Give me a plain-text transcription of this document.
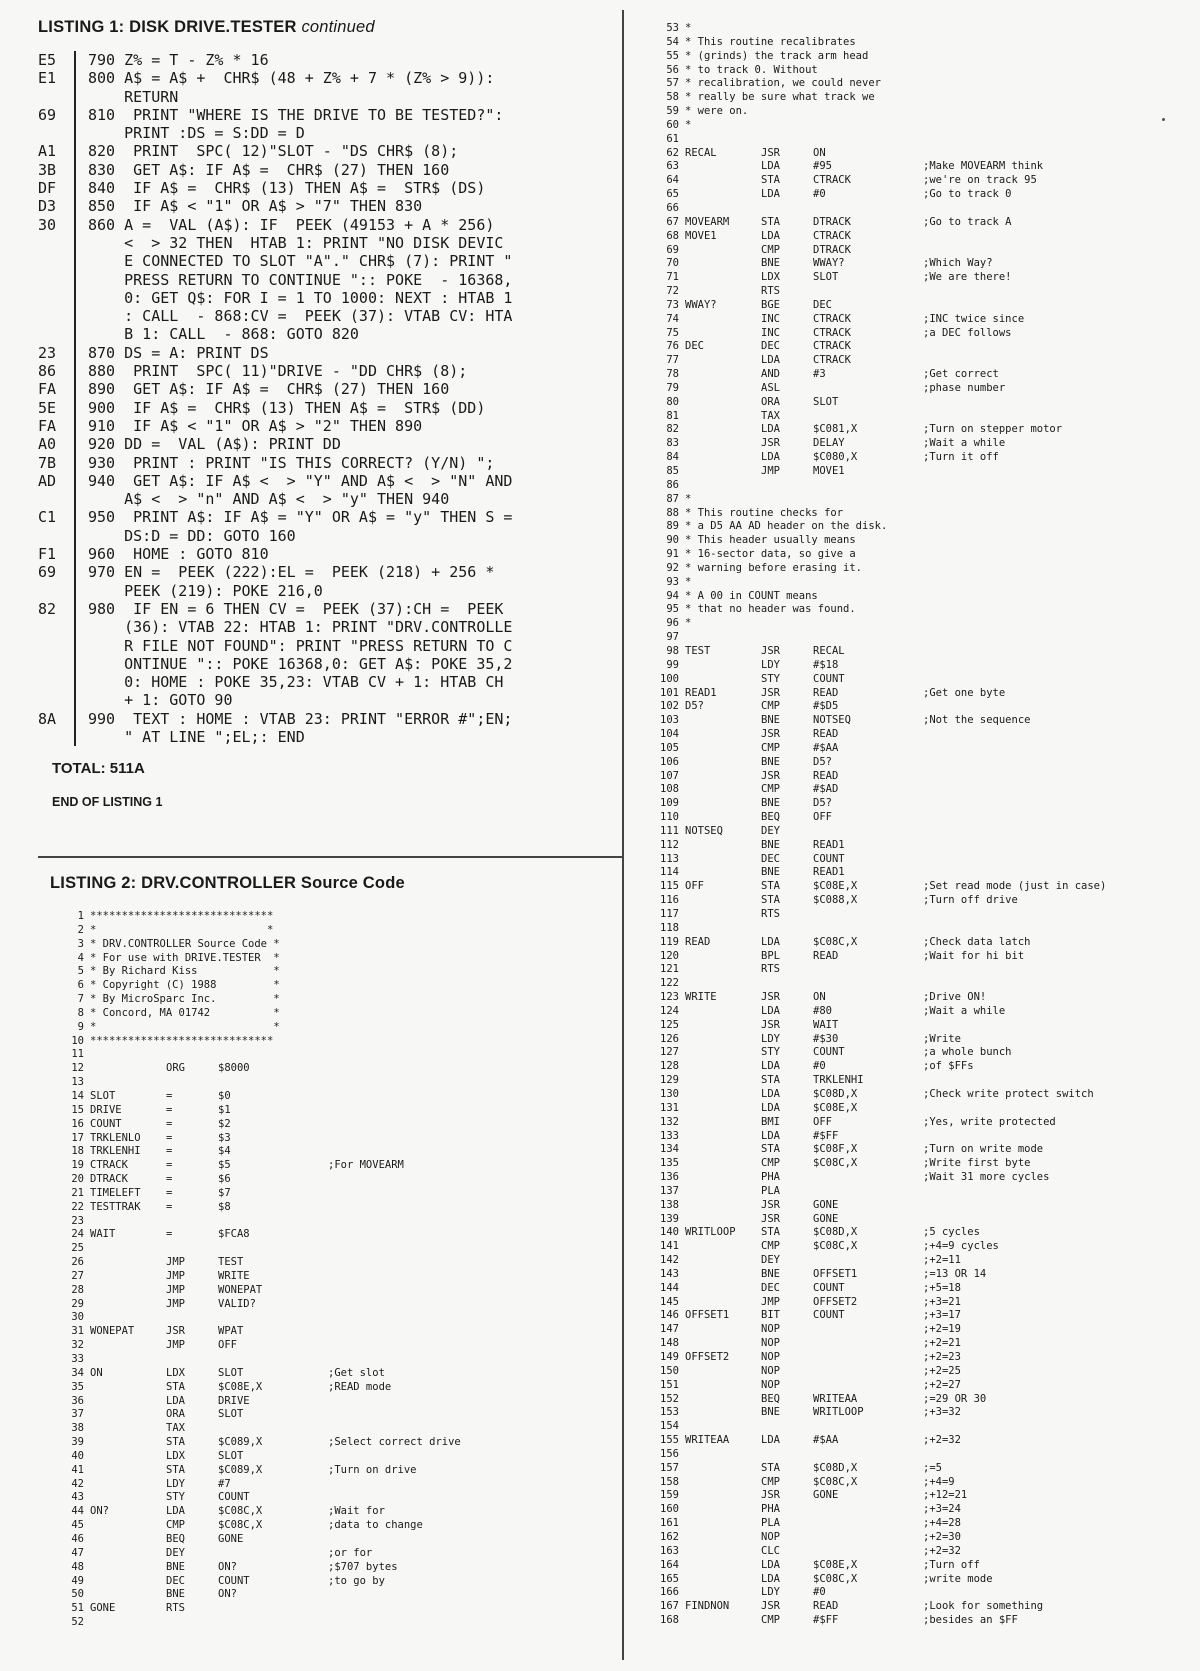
LISTING 1: DISK DRIVE.TESTER continued
E5	790 Z% = T - Z% * 16
E1	800 A$ = A$ +  CHR$ (48 + Z% + 7 * (Z% > 9)):
RETURN
69	810  PRINT "WHERE IS THE DRIVE TO BE TESTED?":
PRINT :DS = S:DD = D
A1	820  PRINT  SPC( 12)"SLOT - "DS CHR$ (8);
3B	830  GET A$: IF A$ =  CHR$ (27) THEN 160
DF	840  IF A$ =  CHR$ (13) THEN A$ =  STR$ (DS)
D3	850  IF A$ < "1" OR A$ > "7" THEN 830
30	860 A =  VAL (A$): IF  PEEK (49153 + A * 256)
<  > 32 THEN  HTAB 1: PRINT "NO DISK DEVIC
E CONNECTED TO SLOT "A"." CHR$ (7): PRINT "
PRESS RETURN TO CONTINUE ":: POKE  - 16368,
0: GET Q$: FOR I = 1 TO 1000: NEXT : HTAB 1
: CALL  - 868:CV =  PEEK (37): VTAB CV: HTA
B 1: CALL  - 868: GOTO 820
23	870 DS = A: PRINT DS
86	880  PRINT  SPC( 11)"DRIVE - "DD CHR$ (8);
FA	890  GET A$: IF A$ =  CHR$ (27) THEN 160
5E	900  IF A$ =  CHR$ (13) THEN A$ =  STR$ (DD)
FA	910  IF A$ < "1" OR A$ > "2" THEN 890
A0	920 DD =  VAL (A$): PRINT DD
7B	930  PRINT : PRINT "IS THIS CORRECT? (Y/N) ";
AD	940  GET A$: IF A$ <  > "Y" AND A$ <  > "N" AND
A$ <  > "n" AND A$ <  > "y" THEN 940
C1	950  PRINT A$: IF A$ = "Y" OR A$ = "y" THEN S =
DS:D = DD: GOTO 160
F1	960  HOME : GOTO 810
69	970 EN =  PEEK (222):EL =  PEEK (218) + 256 *
PEEK (219): POKE 216,0
82	980  IF EN = 6 THEN CV =  PEEK (37):CH =  PEEK
(36): VTAB 22: HTAB 1: PRINT "DRV.CONTROLLE
R FILE NOT FOUND": PRINT "PRESS RETURN TO C
ONTINUE ":: POKE 16368,0: GET A$: POKE 35,2
0: HOME : POKE 35,23: VTAB CV + 1: HTAB CH
+ 1: GOTO 90
8A	990  TEXT : HOME : VTAB 23: PRINT "ERROR #";EN;
" AT LINE ";EL;: END
TOTAL: 511A
END OF LISTING 1
LISTING 2: DRV.CONTROLLER Source Code
1 *****************************
2 *                           *
3 * DRV.CONTROLLER Source Code *
4 * For use with DRIVE.TESTER  *
5 * By Richard Kiss            *
6 * Copyright (C) 1988         *
7 * By MicroSparc Inc.         *
8 * Concord, MA 01742          *
9 *                            *
10 *****************************
11
12	ORG	$8000
13
14 SLOT	=	$0
15 DRIVE	=	$1
16 COUNT	=	$2
17 TRKLENLO	=	$3
18 TRKLENHI	=	$4
19 CTRACK	=	$5	;For MOVEARM
20 DTRACK	=	$6
21 TIMELEFT	=	$7
22 TESTTRAK	=	$8
23
24 WAIT	=	$FCA8
25
26	JMP	TEST
27	JMP	WRITE
28	JMP	WONEPAT
29	JMP	VALID?
30
31 WONEPAT	JSR	WPAT
32	JMP	OFF
33
34 ON	LDX	SLOT	;Get slot
35	STA	$C08E,X	;READ mode
36	LDA	DRIVE
37	ORA	SLOT
38	TAX
39	STA	$C089,X	;Select correct drive
40	LDX	SLOT
41	STA	$C089,X	;Turn on drive
42	LDY	#7
43	STY	COUNT
44 ON?	LDA	$C08C,X	;Wait for
45	CMP	$C08C,X	;data to change
46	BEQ	GONE
47	DEY	;or for
48	BNE	ON?	;$707 bytes
49	DEC	COUNT	;to go by
50	BNE	ON?
51 GONE	RTS
52
53 *
54 * This routine recalibrates
55 * (grinds) the track arm head
56 * to track 0. Without
57 * recalibration, we could never
58 * really be sure what track we
59 * were on.
60 *
61
62 RECAL	JSR	ON
63	LDA	#95	;Make MOVEARM think
64	STA	CTRACK	;we're on track 95
65	LDA	#0	;Go to track 0
66
67 MOVEARM	STA	DTRACK	;Go to track A
68 MOVE1	LDA	CTRACK
69	CMP	DTRACK
70	BNE	WWAY?	;Which Way?
71	LDX	SLOT	;We are there!
72	RTS
73 WWAY?	BGE	DEC
74	INC	CTRACK	;INC twice since
75	INC	CTRACK	;a DEC follows
76 DEC	DEC	CTRACK
77	LDA	CTRACK
78	AND	#3	;Get correct
79	ASL	;phase number
80	ORA	SLOT
81	TAX
82	LDA	$C081,X	;Turn on stepper motor
83	JSR	DELAY	;Wait a while
84	LDA	$C080,X	;Turn it off
85	JMP	MOVE1
86
87 *
88 * This routine checks for
89 * a D5 AA AD header on the disk.
90 * This header usually means
91 * 16-sector data, so give a
92 * warning before erasing it.
93 *
94 * A 00 in COUNT means
95 * that no header was found.
96 *
97
98 TEST	JSR	RECAL
99	LDY	#$18
100	STY	COUNT
101 READ1	JSR	READ	;Get one byte
102 D5?	CMP	#$D5
103	BNE	NOTSEQ	;Not the sequence
104	JSR	READ
105	CMP	#$AA
106	BNE	D5?
107	JSR	READ
108	CMP	#$AD
109	BNE	D5?
110	BEQ	OFF
111 NOTSEQ	DEY
112	BNE	READ1
113	DEC	COUNT
114	BNE	READ1
115 OFF	STA	$C08E,X	;Set read mode (just in case)
116	STA	$C088,X	;Turn off drive
117	RTS
118
119 READ	LDA	$C08C,X	;Check data latch
120	BPL	READ	;Wait for hi bit
121	RTS
122
123 WRITE	JSR	ON	;Drive ON!
124	LDA	#80	;Wait a while
125	JSR	WAIT
126	LDY	#$30	;Write
127	STY	COUNT	;a whole bunch
128	LDA	#0	;of $FFs
129	STA	TRKLENHI
130	LDA	$C08D,X	;Check write protect switch
131	LDA	$C08E,X
132	BMI	OFF	;Yes, write protected
133	LDA	#$FF
134	STA	$C08F,X	;Turn on write mode
135	CMP	$C08C,X	;Write first byte
136	PHA	;Wait 31 more cycles
137	PLA
138	JSR	GONE
139	JSR	GONE
140 WRITLOOP	STA	$C08D,X	;5 cycles
141	CMP	$C08C,X	;+4=9 cycles
142	DEY	;+2=11
143	BNE	OFFSET1	;=13 OR 14
144	DEC	COUNT	;+5=18
145	JMP	OFFSET2	;+3=21
146 OFFSET1	BIT	COUNT	;+3=17
147	NOP	;+2=19
148	NOP	;+2=21
149 OFFSET2	NOP	;+2=23
150	NOP	;+2=25
151	NOP	;+2=27
152	BEQ	WRITEAA	;=29 OR 30
153	BNE	WRITLOOP	;+3=32
154
155 WRITEAA	LDA	#$AA	;+2=32
156
157	STA	$C08D,X	;=5
158	CMP	$C08C,X	;+4=9
159	JSR	GONE	;+12=21
160	PHA	;+3=24
161	PLA	;+4=28
162	NOP	;+2=30
163	CLC	;+2=32
164	LDA	$C08E,X	;Turn off
165	LDA	$C08C,X	;write mode
166	LDY	#0
167 FINDNON	JSR	READ	;Look for something
168	CMP	#$FF	;besides an $FF
